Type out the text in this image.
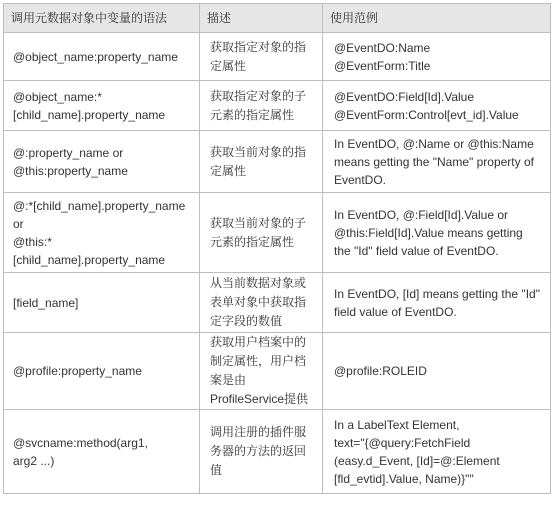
调用元数据对象中变量的语法	描述	使用范例

@object_name:property_name	获取指定对象的指
定属性	@EventDO:Name
@EventForm:Title

@object_name:*
[child_name].property_name	获取指定对象的子
元素的指定属性	@EventDO:Field[Id].Value
@EventForm:Control[evt_id].Value

@:property_name or
@this:property_name	获取当前对象的指
定属性	In EventDO, @:Name or @this:Name
means getting the "Name" property of
EventDO.

@:*[child_name].property_name
or
@this:*
[child_name].property_name	获取当前对象的子
元素的指定属性	In EventDO, @:Field[Id].Value or
@this:Field[Id].Value means getting
the "Id" field value of EventDO.

[field_name]	从当前数据对象或
表单对象中获取指
定字段的数值	In EventDO, [Id] means getting the "Id"
field value of EventDO.

@profile:property_name	获取用户档案中的
制定属性，用户档
案是由
ProfileService提供	@profile:ROLEID

@svcname:method(arg1,
arg2 ...)	调用注册的插件服
务器的方法的返回
值	In a LabelText Element,
text="{@query:FetchField
(easy.d_Event, [Id]=@:Element
[fld_evtid].Value, Name)}""
